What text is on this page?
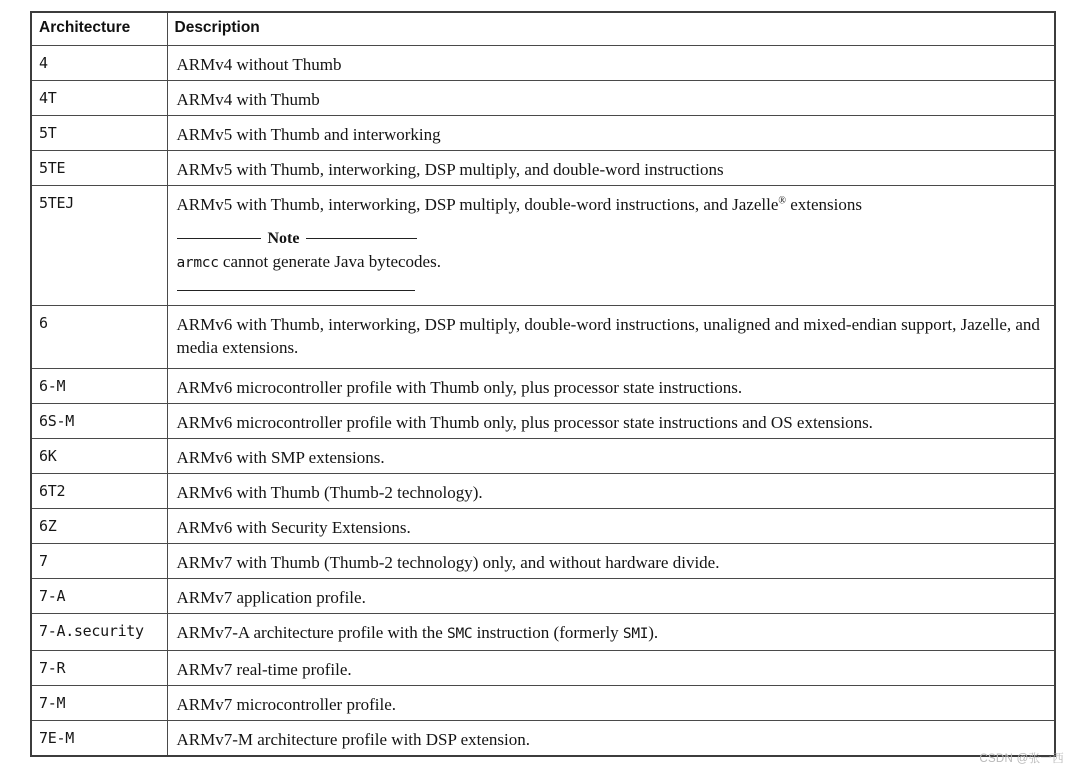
Architecture	Description
4	ARMv4 without Thumb
4T	ARMv4 with Thumb
5T	ARMv5 with Thumb and interworking
5TE	ARMv5 with Thumb, interworking, DSP multiply, and double-word instructions
5TEJ	ARMv5 with Thumb, interworking, DSP multiply, double-word instructions, and Jazelle® extensions

Note

armcc cannot generate Java bytecodes.

6	ARMv6 with Thumb, interworking, DSP multiply, double-word instructions, unaligned and mixed-endian support, Jazelle, and media extensions.
6-M	ARMv6 microcontroller profile with Thumb only, plus processor state instructions.
6S-M	ARMv6 microcontroller profile with Thumb only, plus processor state instructions and OS extensions.
6K	ARMv6 with SMP extensions.
6T2	ARMv6 with Thumb (Thumb-2 technology).
6Z	ARMv6 with Security Extensions.
7	ARMv7 with Thumb (Thumb-2 technology) only, and without hardware divide.
7-A	ARMv7 application profile.
7-A.security	ARMv7-A architecture profile with the SMC instruction (formerly SMI).

7-R	ARMv7 real-time profile.
7-M	ARMv7 microcontroller profile.
7E-M	ARMv7-M architecture profile with DSP extension.
CSDN @张一西
